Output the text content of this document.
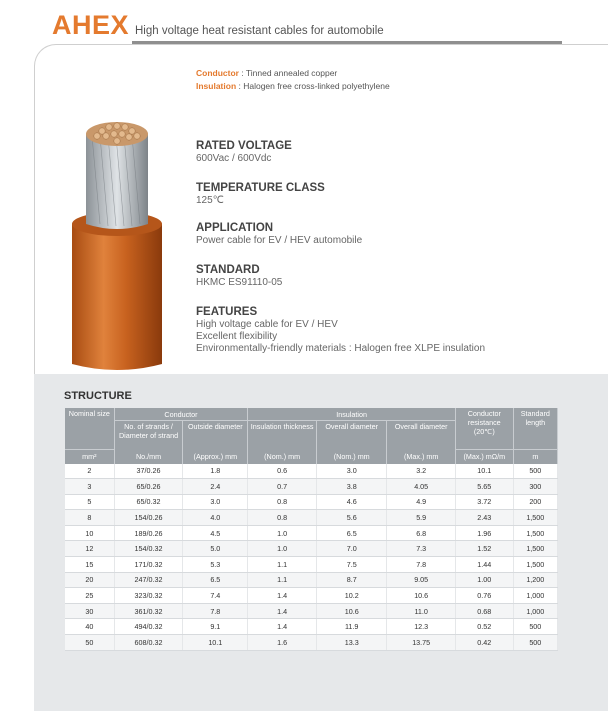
AHEX High voltage heat resistant cables for automobile
Conductor : Tinned annealed copper
Insulation : Halogen free cross-linked polyethylene
RATED VOLTAGE
600Vac / 600Vdc
TEMPERATURE CLASS
125℃
APPLICATION
Power cable for EV / HEV automobile
STANDARD
HKMC ES91110-05
FEATURES
High voltage cable for EV / HEV
Excellent flexibility
Environmentally-friendly materials : Halogen free XLPE insulation
STRUCTURE
Nominal size	Conductor		Insulation			Conductor resistance (20℃)	Standard length
	No. of strands / Diameter of strand	Outside diameter	Insulation thickness	Overall diameter	Overall diameter		
mm²	No./mm	(Approx.) mm	(Nom.) mm	(Nom.) mm	(Max.) mm	(Max.) mΩ/m	m
2	37/0.26	1.8	0.6	3.0	3.2	10.1	500
3	65/0.26	2.4	0.7	3.8	4.05	5.65	300
5	65/0.32	3.0	0.8	4.6	4.9	3.72	200
8	154/0.26	4.0	0.8	5.6	5.9	2.43	1,500
10	189/0.26	4.5	1.0	6.5	6.8	1.96	1,500
12	154/0.32	5.0	1.0	7.0	7.3	1.52	1,500
15	171/0.32	5.3	1.1	7.5	7.8	1.44	1,500
20	247/0.32	6.5	1.1	8.7	9.05	1.00	1,200
25	323/0.32	7.4	1.4	10.2	10.6	0.76	1,000
30	361/0.32	7.8	1.4	10.6	11.0	0.68	1,000
40	494/0.32	9.1	1.4	11.9	12.3	0.52	500
50	608/0.32	10.1	1.6	13.3	13.75	0.42	500
